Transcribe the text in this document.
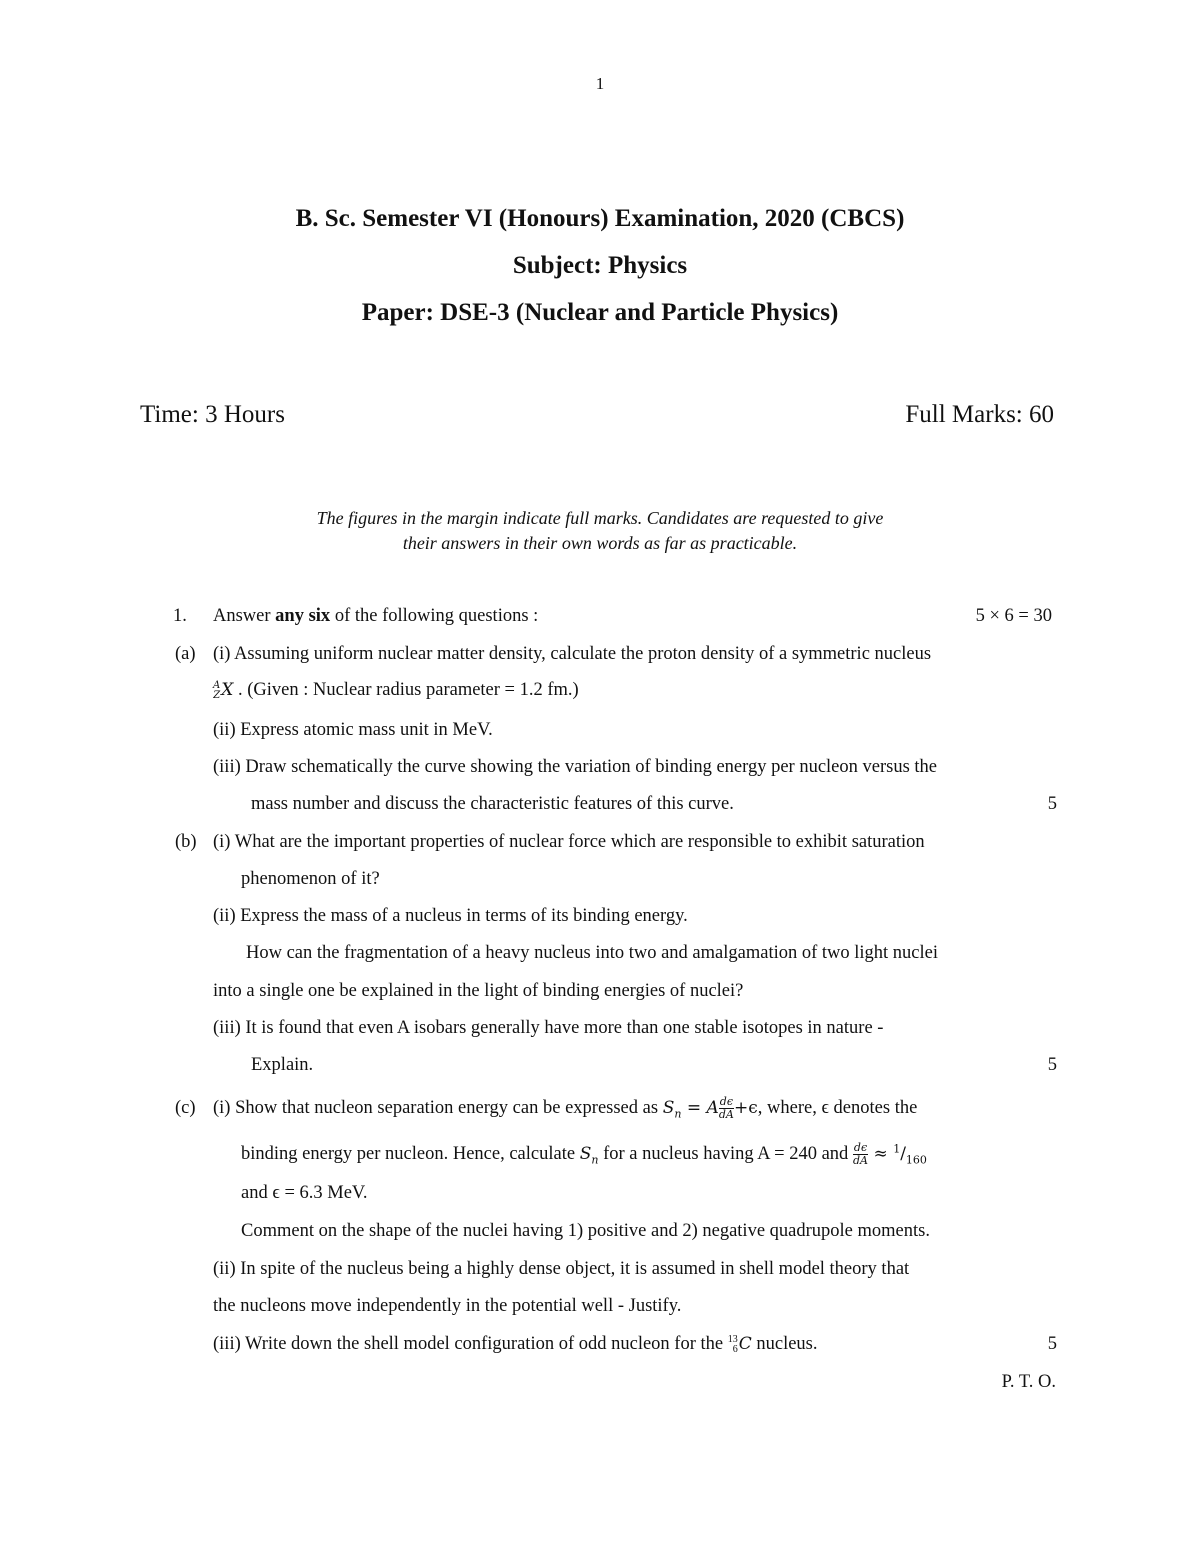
1
B. Sc. Semester VI (Honours) Examination, 2020 (CBCS)
Subject: Physics
Paper: DSE-3 (Nuclear and Particle Physics)
Time: 3 Hours	Full Marks: 60
The figures in the margin indicate full marks. Candidates are requested to give
their answers in their own words as far as practicable.
1. Answer any six of the following questions :	5 × 6 = 30
(a) (i) Assuming uniform nuclear matter density, calculate the proton density of a symmetric nucleus
A
Z X . (Given : Nuclear radius parameter = 1.2 fm.)
(ii) Express atomic mass unit in MeV.
(iii) Draw schematically the curve showing the variation of binding energy per nucleon versus the
mass number and discuss the characteristic features of this curve.	5
(b) (i) What are the important properties of nuclear force which are responsible to exhibit saturation
phenomenon of it?
(ii) Express the mass of a nucleus in terms of its binding energy.
How can the fragmentation of a heavy nucleus into two and amalgamation of two light nuclei
into a single one be explained in the light of binding energies of nuclei?
(iii) It is found that even A isobars generally have more than one stable isotopes in nature -
Explain.	5
(c) (i) Show that nucleon separation energy can be expressed as $S_n = A \frac{d\epsilon}{dA} +\epsilon$, where, ϵ denotes the
binding energy per nucleon. Hence, calculate $S_n$ for a nucleus having A = 240 and $\frac{d\epsilon}{dA} \approx ^1/_{160}$
and ϵ = 6.3 MeV.
Comment on the shape of the nuclei having 1) positive and 2) negative quadrupole moments.
(ii) In spite of the nucleus being a highly dense object, it is assumed in shell model theory that
the nucleons move independently in the potential well - Justify.
(iii) Write down the shell model configuration of odd nucleon for the 13
6 C nucleus.	5
P. T. O.
